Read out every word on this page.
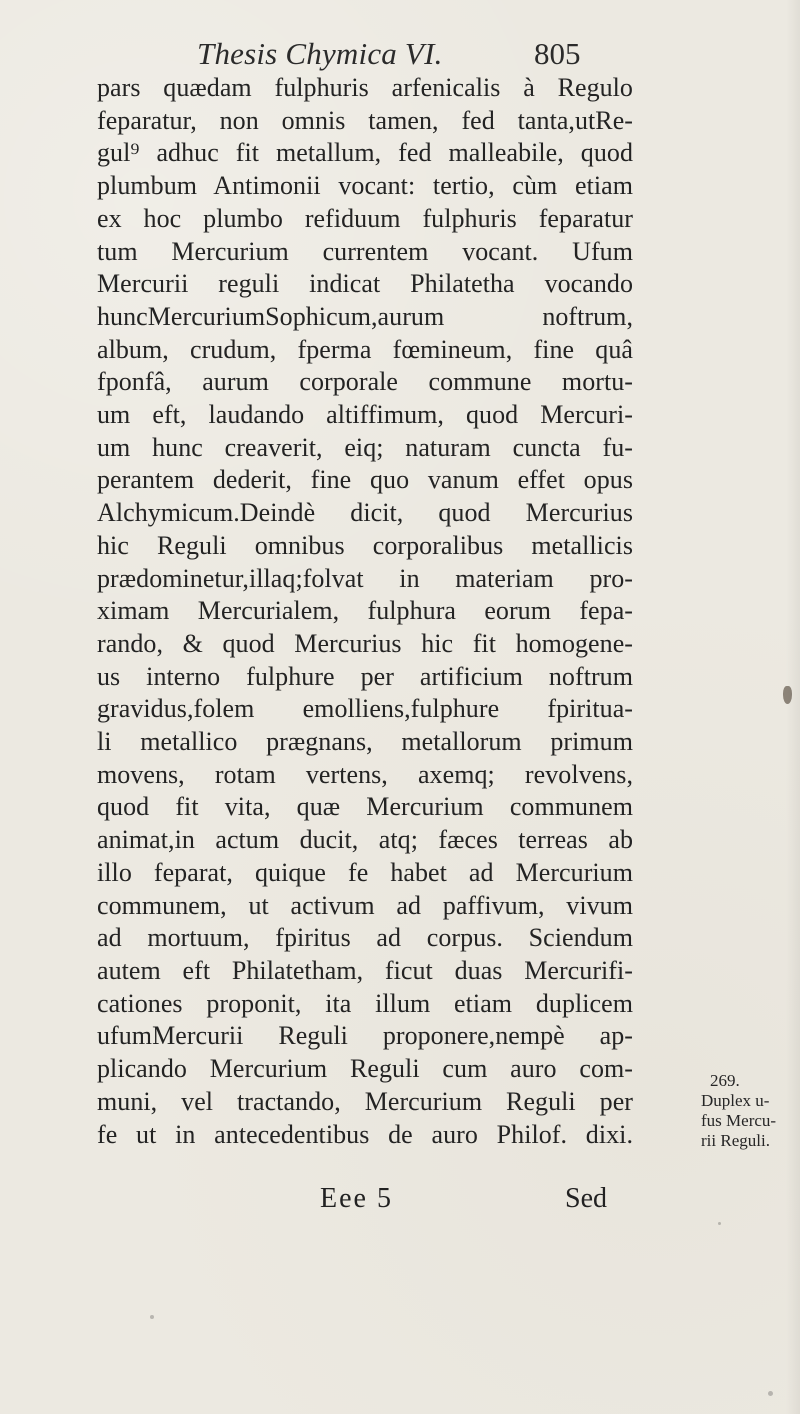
Thesis Chymica VI.	805
pars quædam fulphuris arfenicalis à Regulo
feparatur, non omnis tamen, fed tanta,utRe-
gul⁹ adhuc fit metallum, fed malleabile, quod
plumbum Antimonii vocant: tertio, cùm etiam
ex hoc plumbo refiduum fulphuris feparatur
tum Mercurium currentem vocant. Ufum
Mercurii reguli indicat Philatetha vocando
huncMercuriumSophicum,aurum noftrum,
album, crudum, fperma fœmineum, fine quâ
fponfâ, aurum corporale commune mortu-
um eft, laudando altiffimum, quod Mercuri-
um hunc creaverit, eiq; naturam cuncta fu-
perantem dederit, fine quo vanum effet opus
Alchymicum.Deindè dicit, quod Mercurius
hic Reguli omnibus corporalibus metallicis
prædominetur,illaq;folvat in materiam pro-
ximam Mercurialem, fulphura eorum fepa-
rando, & quod Mercurius hic fit homogene-
us interno fulphure per artificium noftrum
gravidus,folem emolliens,fulphure fpiritua-
li metallico prægnans, metallorum primum
movens, rotam vertens, axemq; revolvens,
quod fit vita, quæ Mercurium communem
animat,in actum ducit, atq; fæces terreas ab
illo feparat, quique fe habet ad Mercurium
communem, ut activum ad paffivum, vivum
ad mortuum, fpiritus ad corpus. Sciendum
autem eft Philatetham, ficut duas Mercurifi-
cationes proponit, ita illum etiam duplicem
ufumMercurii Reguli proponere,nempè ap-
plicando Mercurium Reguli cum auro com-
muni, vel tractando, Mercurium Reguli per
fe ut in antecedentibus de auro Philof. dixi.
269.
Duplex u-
fus Mercu-
rii Reguli.
Eee 5	Sed
